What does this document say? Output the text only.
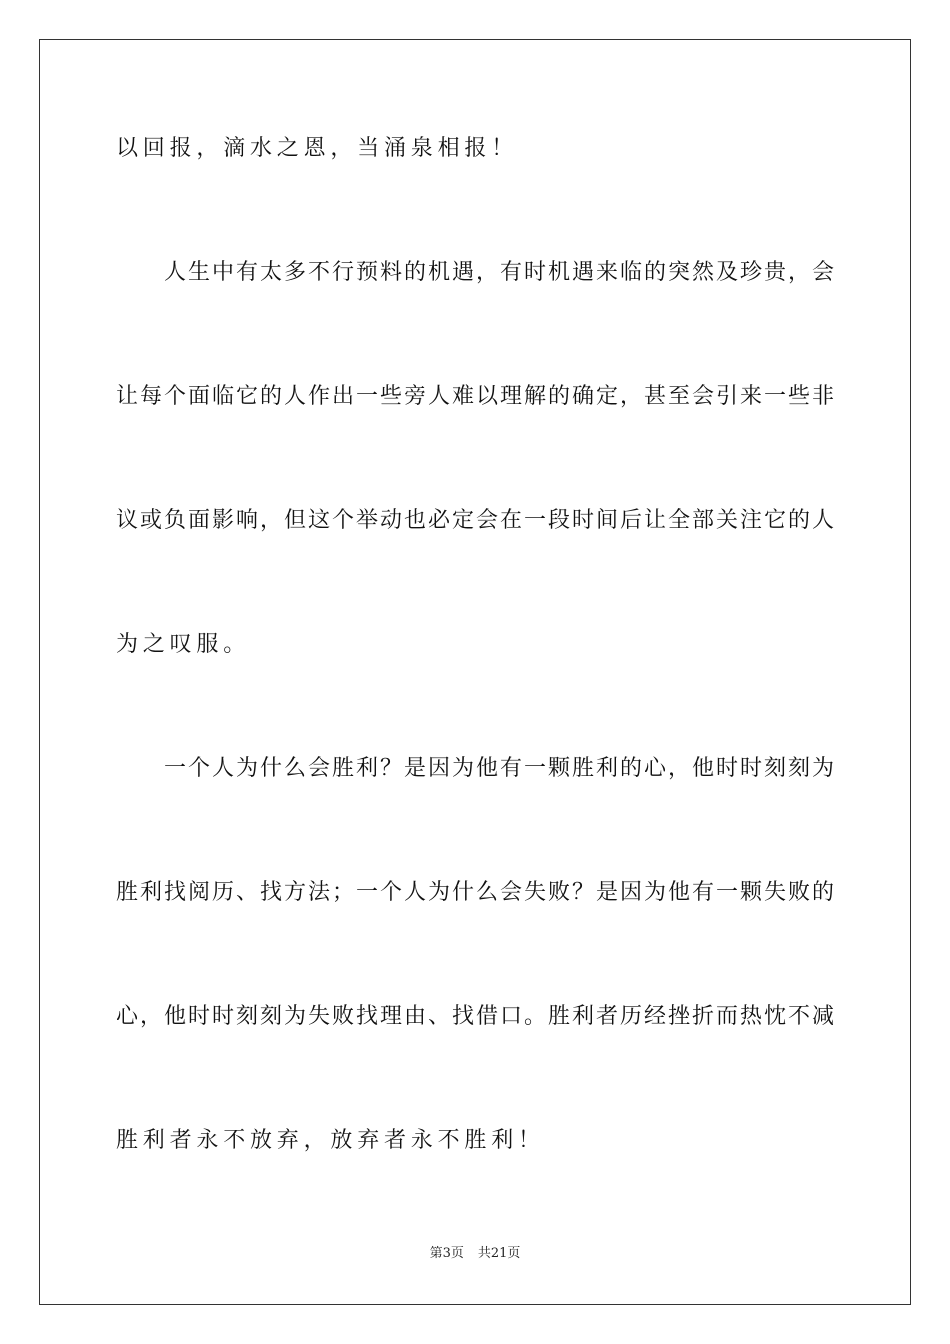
以回报，滴水之恩，当涌泉相报！
人生中有太多不行预料的机遇，有时机遇来临的突然及珍贵，会
让每个面临它的人作出一些旁人难以理解的确定，甚至会引来一些非
议或负面影响，但这个举动也必定会在一段时间后让全部关注它的人
为之叹服。
一个人为什么会胜利？是因为他有一颗胜利的心，他时时刻刻为
胜利找阅历、找方法；一个人为什么会失败？是因为他有一颗失败的
心，他时时刻刻为失败找理由、找借口。胜利者历经挫折而热忱不减
胜利者永不放弃，放弃者永不胜利！
第3页 共21页
